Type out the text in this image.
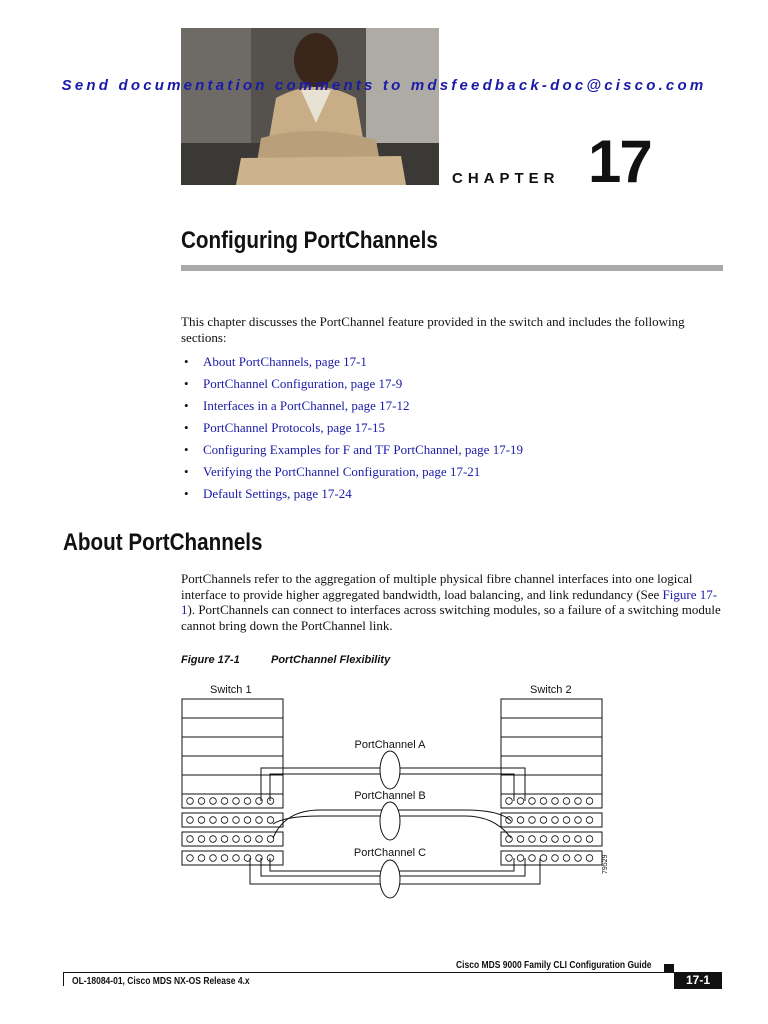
Send documentation comments to mdsfeedback-doc@cisco.com
CHAPTER 17
Configuring PortChannels
This chapter discusses the PortChannel feature provided in the switch and includes the following sections:
• About PortChannels, page 17-1
• PortChannel Configuration, page 17-9
• Interfaces in a PortChannel, page 17-12
• PortChannel Protocols, page 17-15
• Configuring Examples for F and TF PortChannel, page 17-19
• Verifying the PortChannel Configuration, page 17-21
• Default Settings, page 17-24
About PortChannels
PortChannels refer to the aggregation of multiple physical fibre channel interfaces into one logical interface to provide higher aggregated bandwidth, load balancing, and link redundancy (See Figure 17-1). PortChannels can connect to interfaces across switching modules, so a failure of a switching module cannot bring down the PortChannel link.
Figure 17-1	PortChannel Flexibility
Switch 1	Switch 2
PortChannel A
PortChannel B
PortChannel C
79529
Cisco MDS 9000 Family CLI Configuration Guide
OL-18084-01, Cisco MDS NX-OS Release 4.x	17-1
